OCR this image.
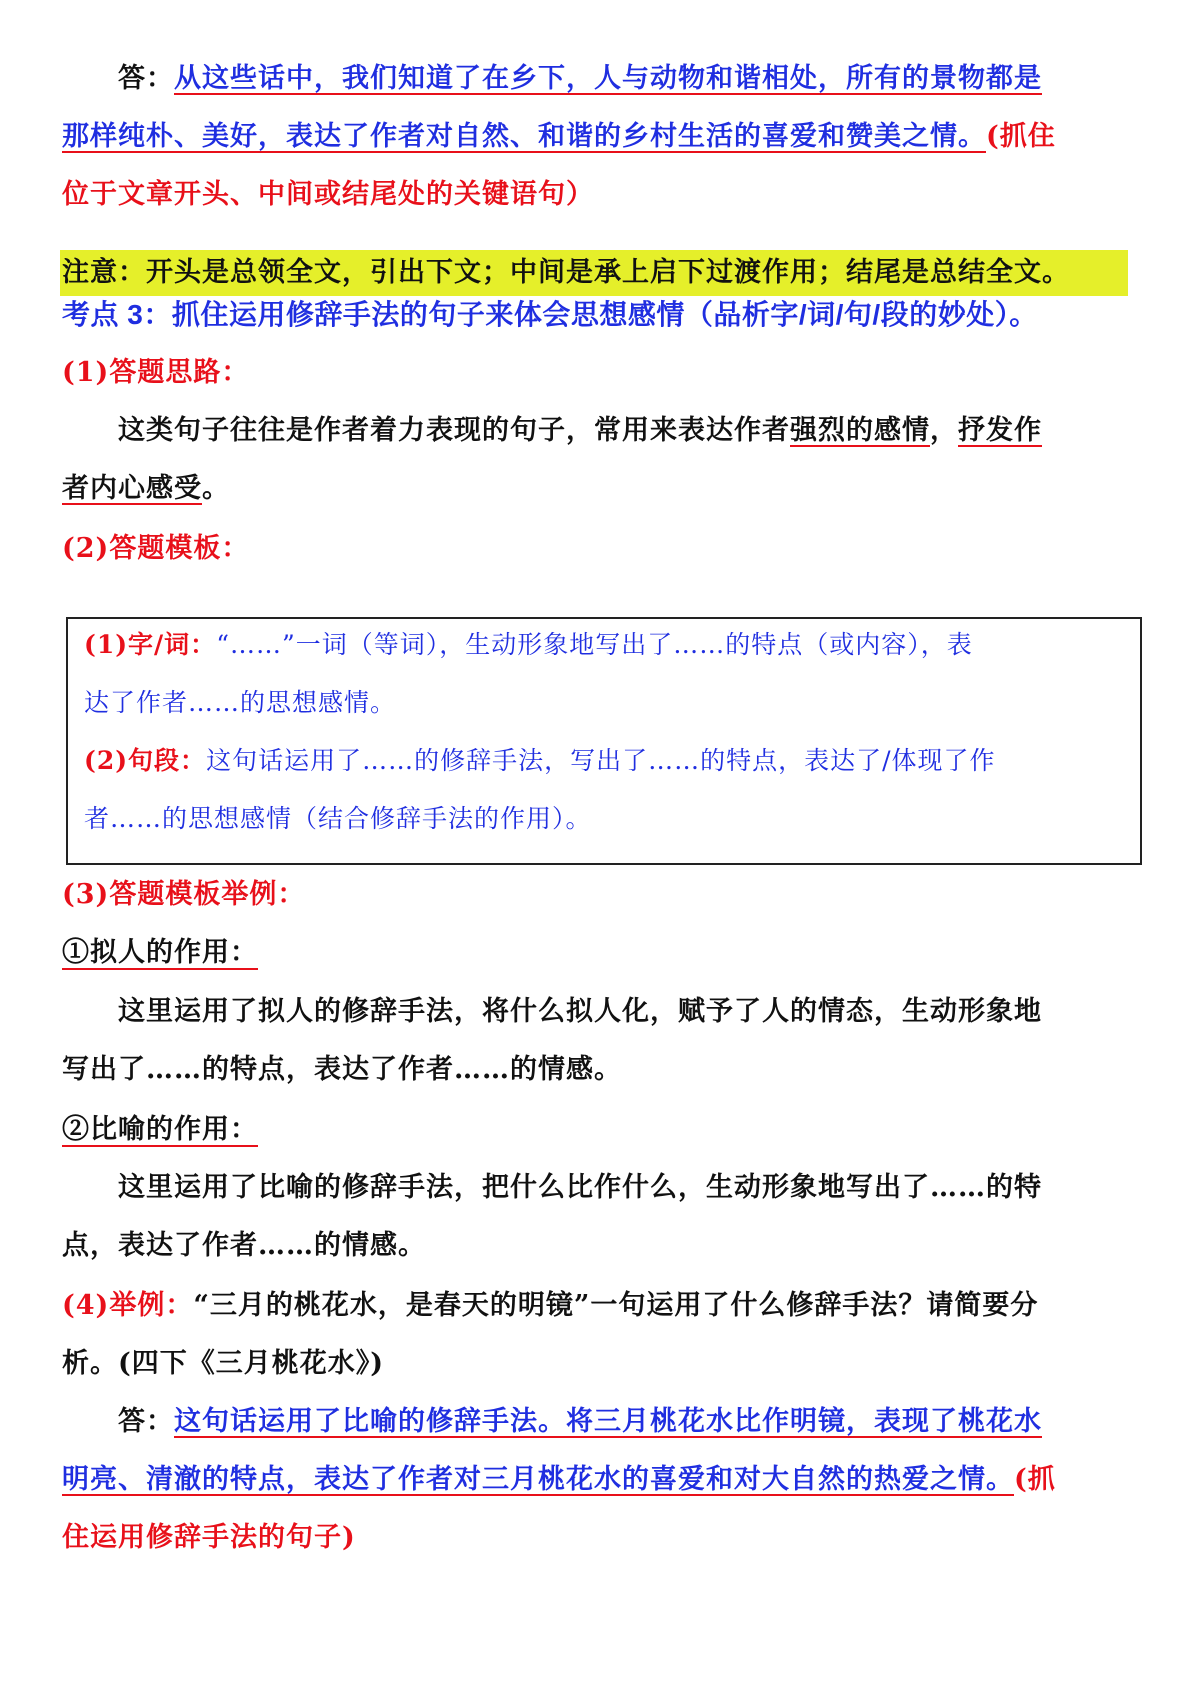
答：从这些话中，我们知道了在乡下，人与动物和谐相处，所有的景物都是
那样纯朴、美好，表达了作者对自然、和谐的乡村生活的喜爱和赞美之情。(抓住
位于文章开头、中间或结尾处的关键语句）
注意：开头是总领全文，引出下文；中间是承上启下过渡作用；结尾是总结全文。
考点 3：抓住运用修辞手法的句子来体会思想感情（品析字/词/句/段的妙处）。
(1)答题思路：
这类句子往往是作者着力表现的句子，常用来表达作者强烈的感情，抒发作
者内心感受。
(2)答题模板：
(1)字/词：“……”一词（等词），生动形象地写出了……的特点（或内容），表
达了作者……的思想感情。
(2)句段：这句话运用了……的修辞手法，写出了……的特点，表达了/体现了作
者……的思想感情（结合修辞手法的作用）。
(3)答题模板举例：
①拟人的作用：
这里运用了拟人的修辞手法，将什么拟人化，赋予了人的情态，生动形象地
写出了……的特点，表达了作者……的情感。
②比喻的作用：
这里运用了比喻的修辞手法，把什么比作什么，生动形象地写出了……的特
点，表达了作者……的情感。
(4)举例：“三月的桃花水，是春天的明镜”一句运用了什么修辞手法？请简要分
析。(四下《三月桃花水》)
答：这句话运用了比喻的修辞手法。将三月桃花水比作明镜，表现了桃花水
明亮、清澈的特点，表达了作者对三月桃花水的喜爱和对大自然的热爱之情。(抓
住运用修辞手法的句子)
